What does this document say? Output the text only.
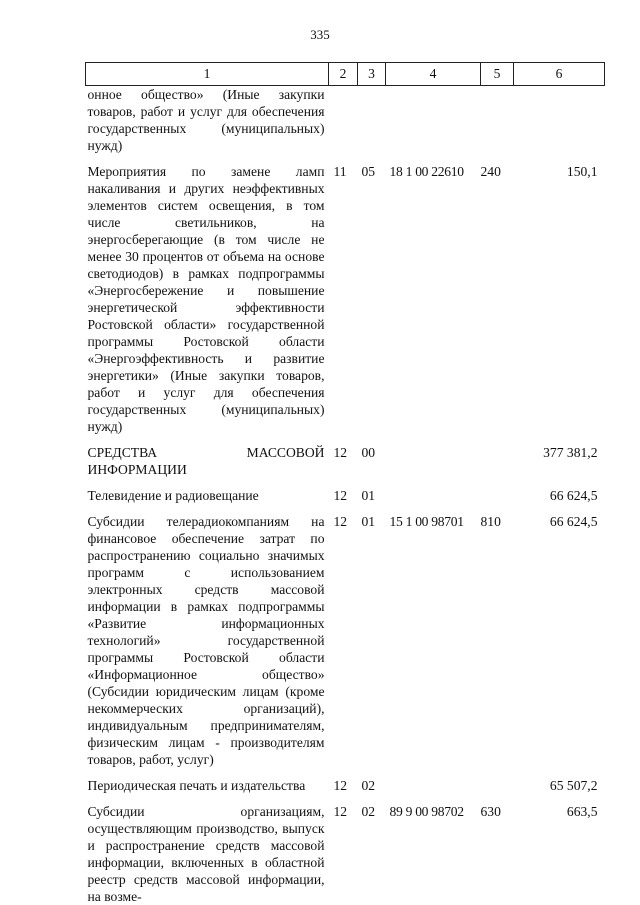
335
1	2	3	4	5	6
онное общество» (Иные закупки товаров, работ и услуг для обеспечения государственных (муниципальных) нужд)					
Мероприятия по замене ламп накаливания и других неэффективных элементов систем освещения, в том числе светильников, на энергосберегающие (в том числе не менее 30 процентов от объема на основе светодиодов) в рамках подпрограммы «Энергосбережение и повышение энергетической эффективности Ростовской области» государственной программы Ростовской области «Энергоэффективность и развитие энергетики» (Иные закупки товаров, работ и услуг для обеспечения государственных (муниципальных) нужд)	11	05	18 1 00 22610	240	150,1
СРЕДСТВА МАССОВОЙ ИНФОРМАЦИИ	12	00			377 381,2
Телевидение и радиовещание	12	01			66 624,5
Субсидии телерадиокомпаниям на финансовое обеспечение затрат по распространению социально значимых программ с использованием электронных средств массовой информации в рамках подпрограммы «Развитие информационных технологий» государственной программы Ростовской области «Информационное общество» (Субсидии юридическим лицам (кроме некоммерческих организаций), индивидуальным предпринимателям, физическим лицам - производителям товаров, работ, услуг)	12	01	15 1 00 98701	810	66 624,5
Периодическая печать и издательства	12	02			65 507,2
Субсидии организациям, осуществляющим производство, выпуск и распространение средств массовой информации, включенных в областной реестр средств массовой информации, на возме-	12	02	89 9 00 98702	630	663,5
